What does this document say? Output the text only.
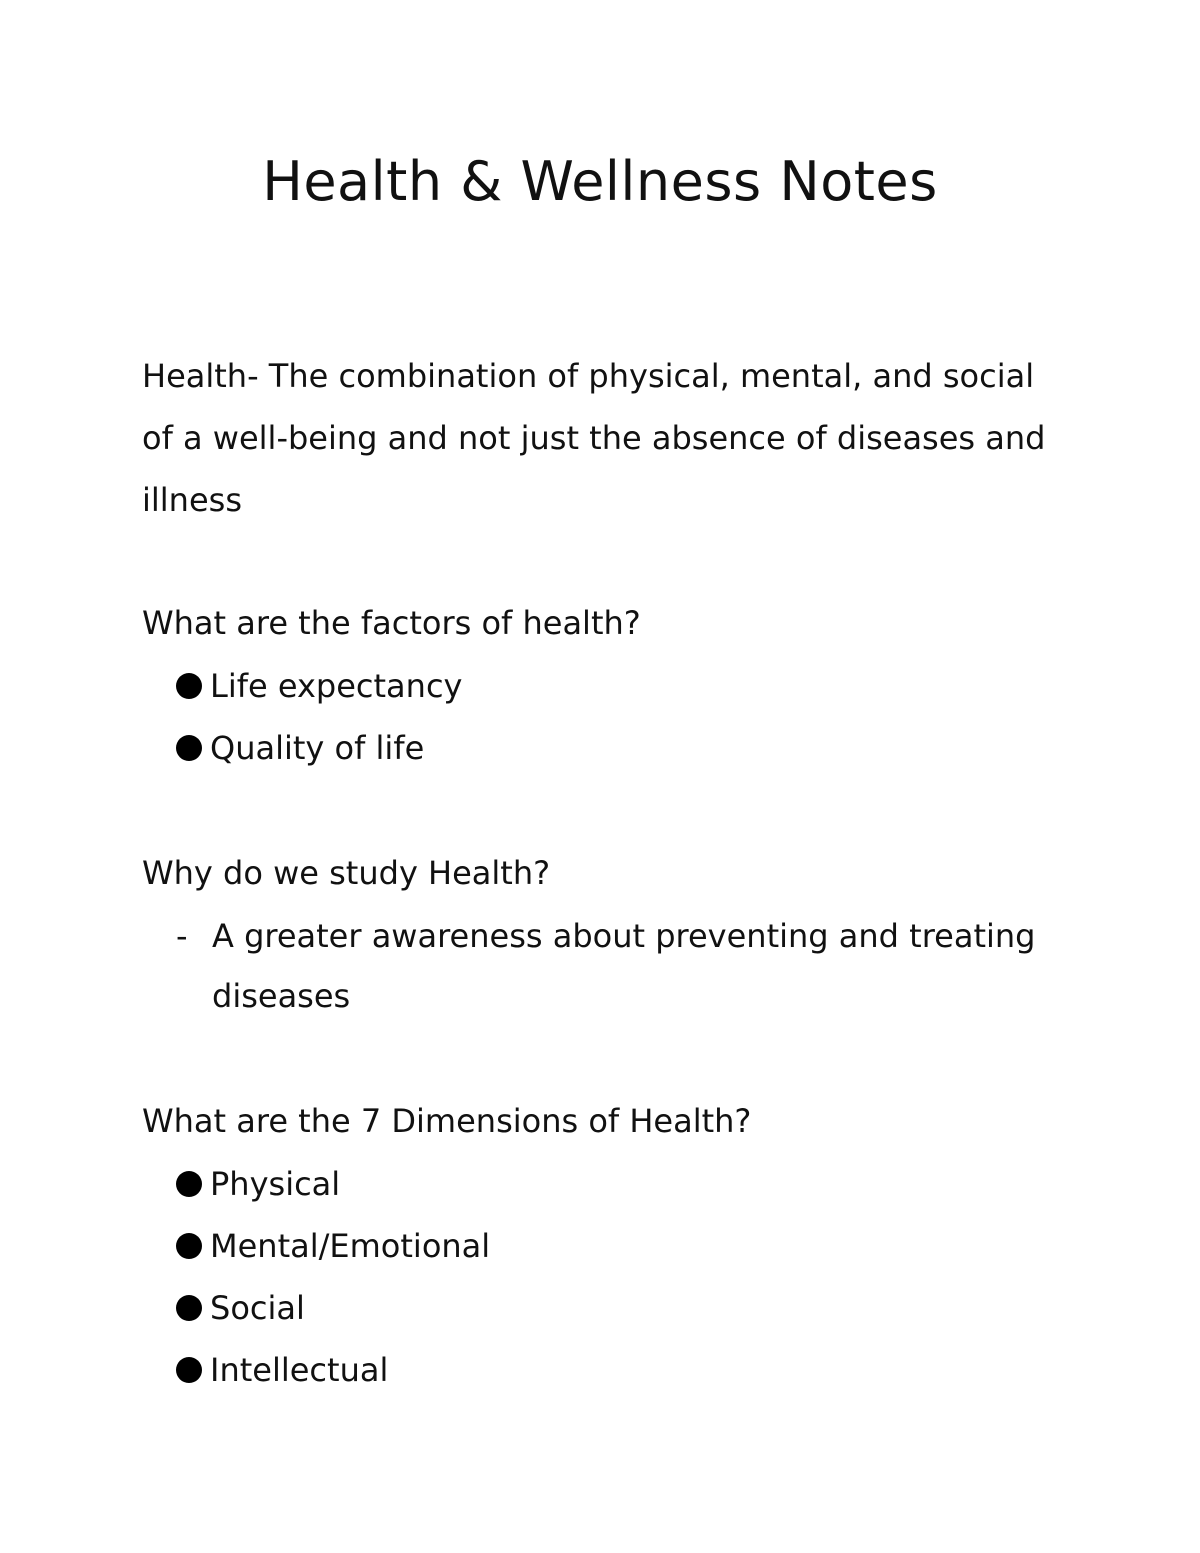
Health & Wellness Notes
Health- The combination of physical, mental, and social
of a well-being and not just the absence of diseases and
illness
What are the factors of health?
Life expectancy
Quality of life
Why do we study Health?
- A greater awareness about preventing and treating
diseases
What are the 7 Dimensions of Health?
Physical
Mental/Emotional
Social
Intellectual
